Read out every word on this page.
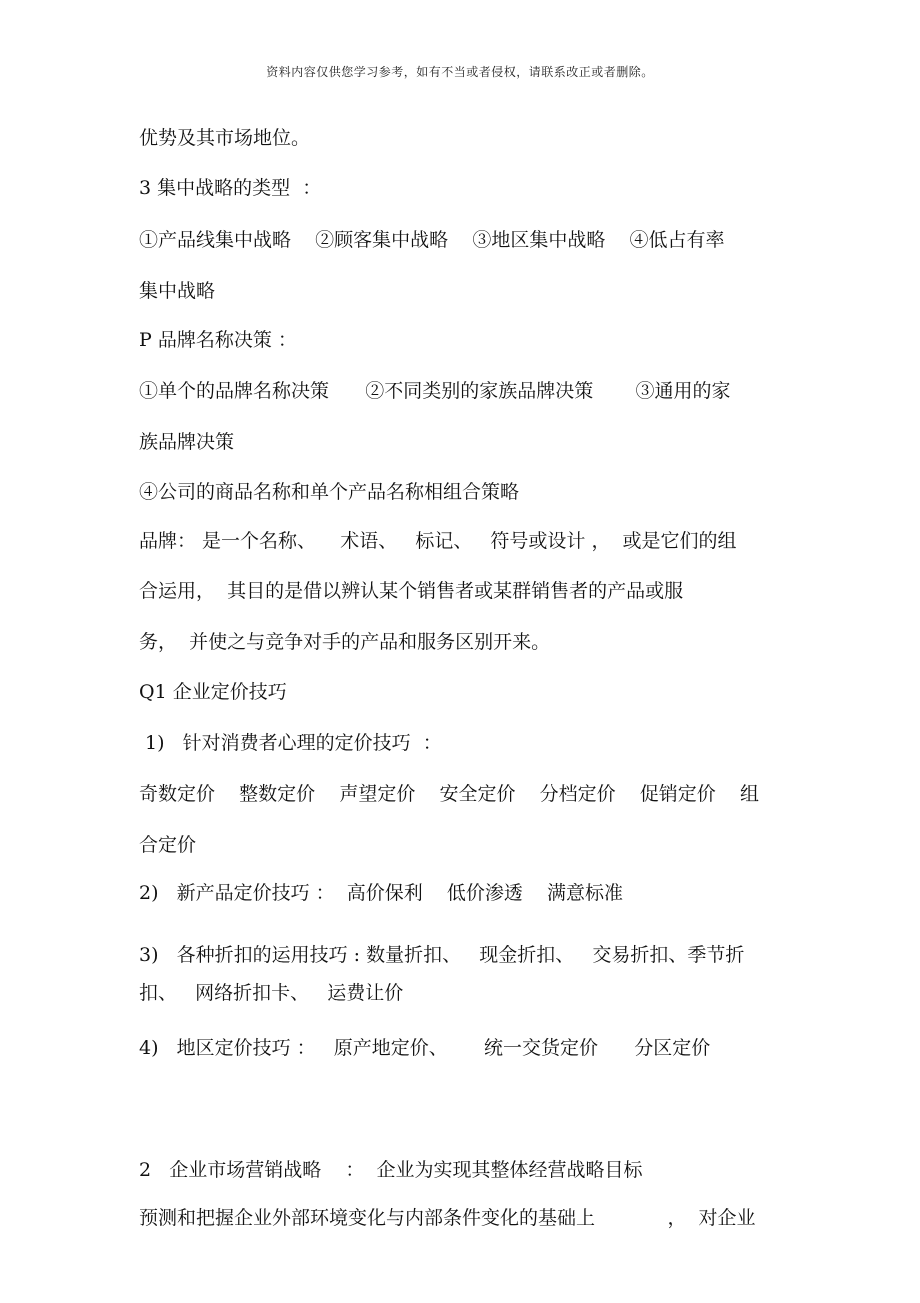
资料内容仅供您学习参考，如有不当或者侵权，请联系改正或者删除。
优势及其市场地位。
3 集中战略的类型  ：
①产品线集中战略    ②顾客集中战略    ③地区集中战略    ④低占有率
集中战略
P 品牌名称决策 ：
①单个的品牌名称决策      ②不同类别的家族品牌决策       ③通用的家
族品牌决策
④公司的商品名称和单个产品名称相组合策略
品牌： 是一个名称、    术语、   标记、   符号或设计 ，  或是它们的组
合运用，  其目的是借以辨认某个销售者或某群销售者的产品或服
务，  并使之与竞争对手的产品和服务区别开来。
Q1 企业定价技巧
1)   针对消费者心理的定价技巧  ：
奇数定价    整数定价    声望定价    安全定价    分档定价    促销定价    组
合定价
2)   新产品定价技巧 ：  高价保利    低价渗透    满意标准
3)   各种折扣的运用技巧 : 数量折扣、   现金折扣、   交易折扣、季节折
扣、   网络折扣卡、   运费让价
4)   地区定价技巧 ：   原产地定价、      统一交货定价      分区定价
2   企业市场营销战略    ：  企业为实现其整体经营战略目标
预测和把握企业外部环境变化与内部条件变化的基础上            ，  对企业
